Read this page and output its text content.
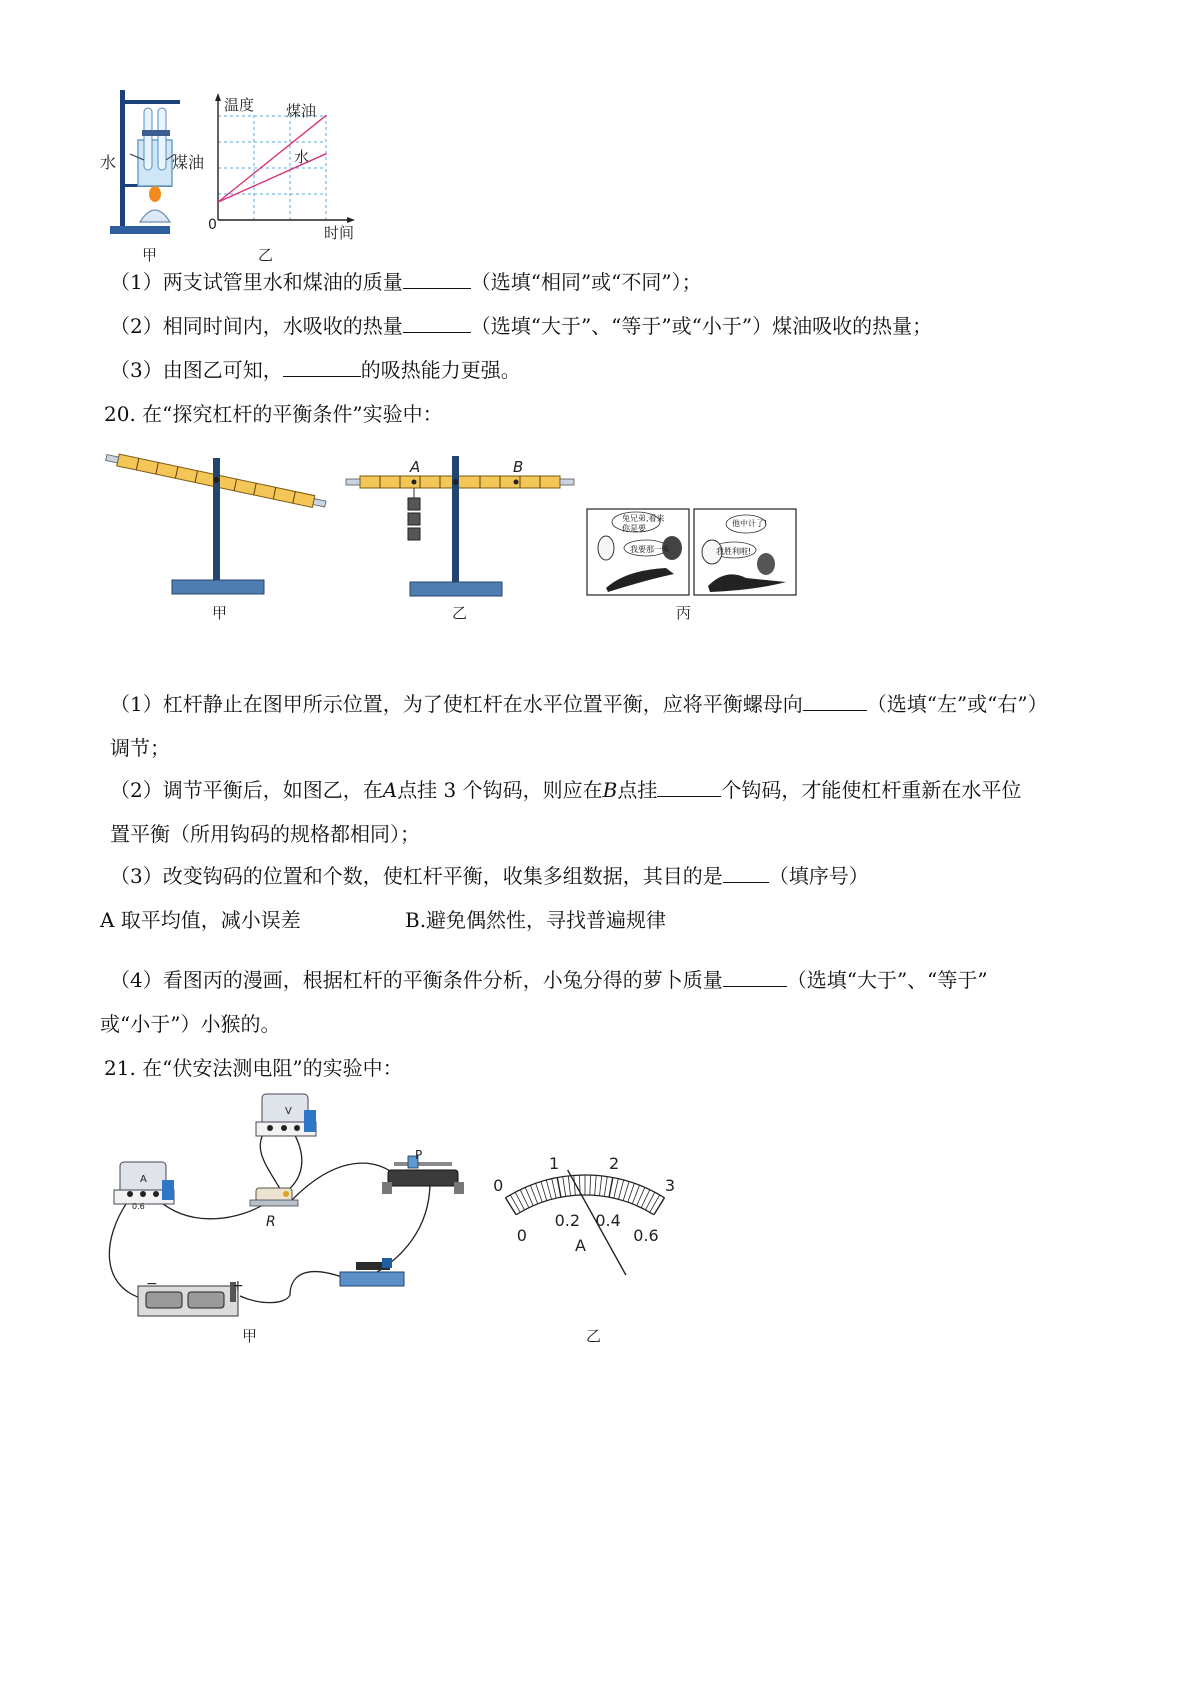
水	煤油
甲
温度 煤油
水
0	时间
乙
（1）两支试管里水和煤油的质量	（选填“相同”或“不同”）；
（2）相同时间内，水吸收的热量	（选填“大于”、“等于”或“小于”）煤油吸收的热量；
（3）由图乙可知，	的吸热能力更强。
20. 在“探究杠杆的平衡条件”实验中：
甲
A	B
乙
兔兄弟,看来你是要
我要那一头
他中计了!
我胜利啦!
丙
（1）杠杆静止在图甲所示位置，为了使杠杆在水平位置平衡，应将平衡螺母向	（选填“左”或“右”）
调节；
（2）调节平衡后，如图乙，在A点挂 3 个钩码，则应在B点挂	个钩码，才能使杠杆重新在水平位
置平衡（所用钩码的规格都相同）；
（3）改变钩码的位置和个数，使杠杆平衡，收集多组数据，其目的是 （填序号）
A 取平均值，减小误差	B.避免偶然性，寻找普遍规律
（4）看图丙的漫画，根据杠杆的平衡条件分析，小兔分得的萝卜质量	（选填“大于”、“等于”
或“小于”）小猴的。
21. 在“伏安法测电阻”的实验中：
V
A
0.6
R
P
−	+
甲
0
1	2
3
0
0.2 0.4
0.6
A
乙
